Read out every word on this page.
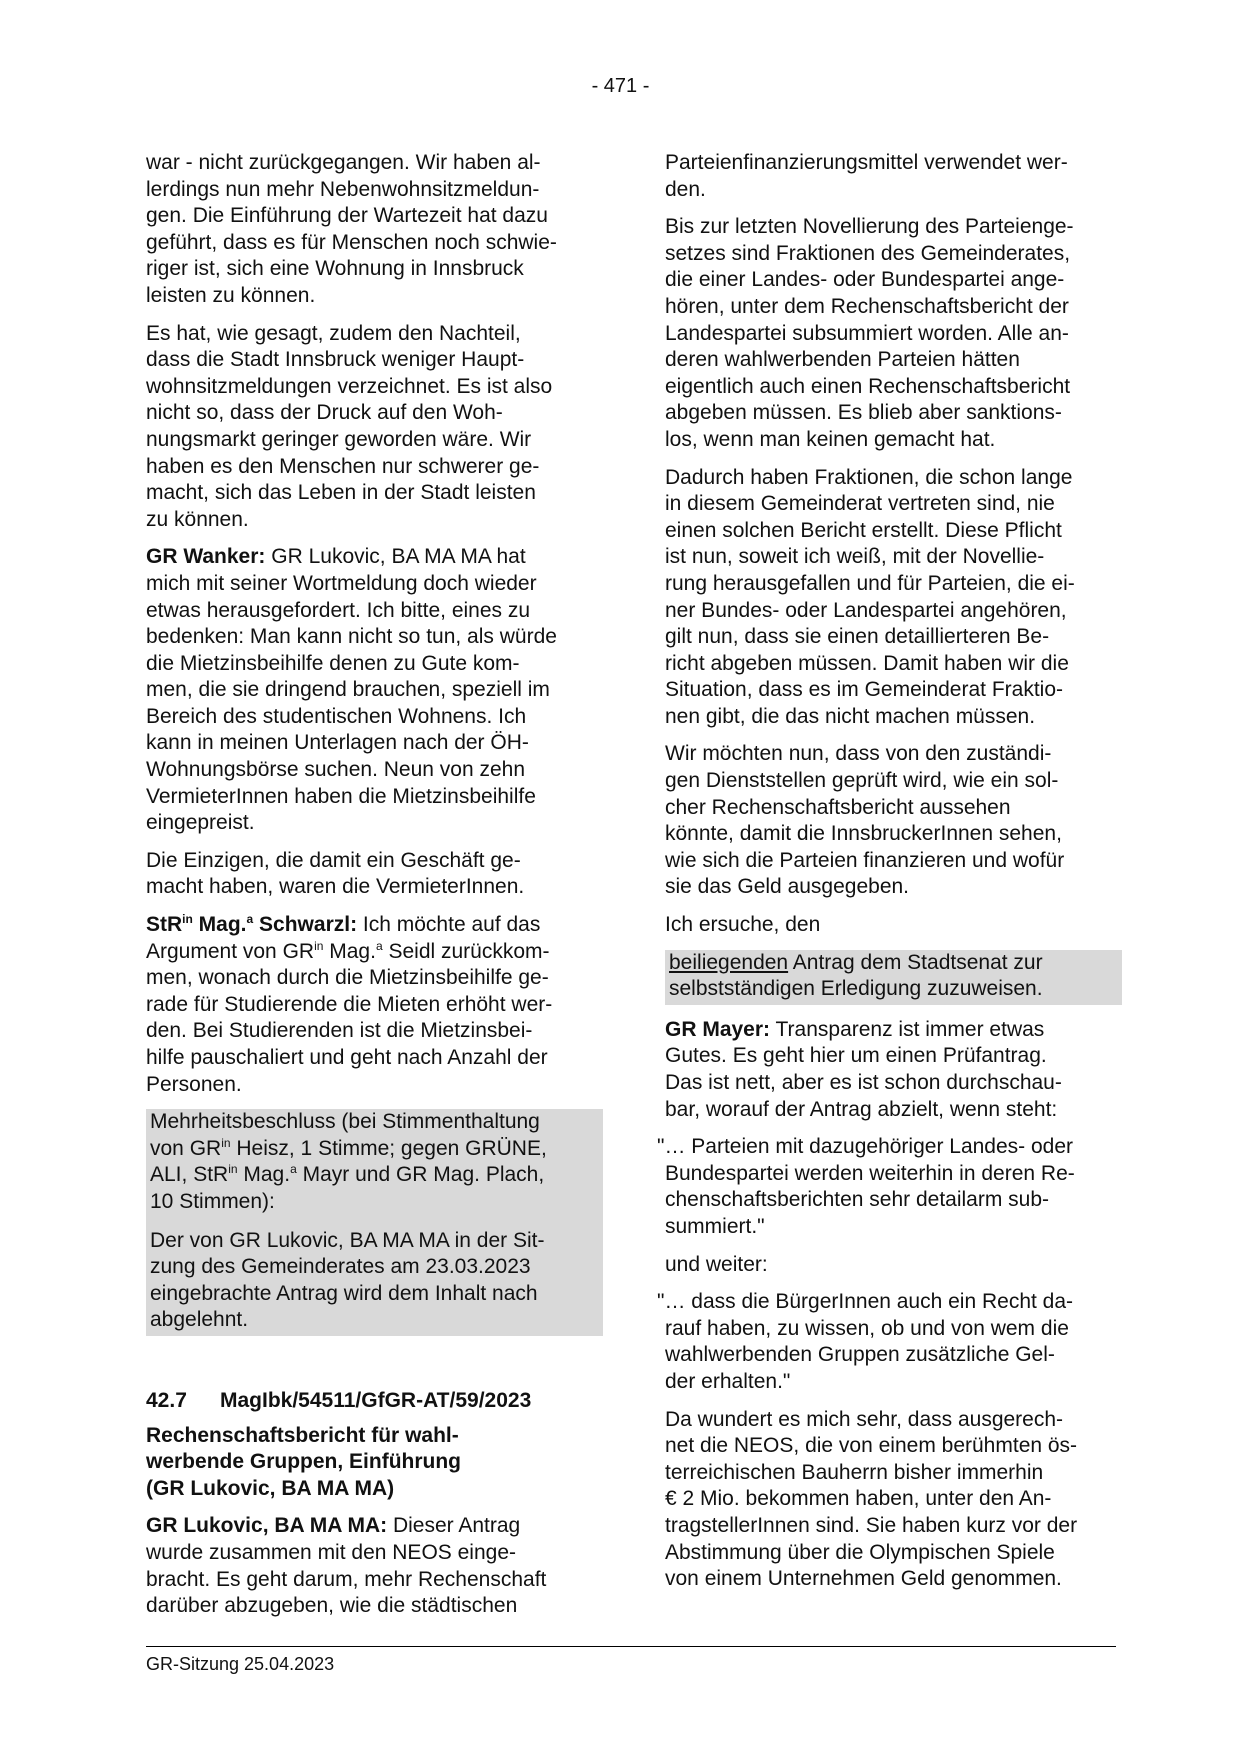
- 471 -

war - nicht zurückgegangen. Wir haben al-
lerdings nun mehr Nebenwohnsitzmeldun-
gen. Die Einführung der Wartezeit hat dazu
geführt, dass es für Menschen noch schwie-
riger ist, sich eine Wohnung in Innsbruck
leisten zu können.

Es hat, wie gesagt, zudem den Nachteil,
dass die Stadt Innsbruck weniger Haupt-
wohnsitzmeldungen verzeichnet. Es ist also
nicht so, dass der Druck auf den Woh-
nungsmarkt geringer geworden wäre. Wir
haben es den Menschen nur schwerer ge-
macht, sich das Leben in der Stadt leisten
zu können.

GR Wanker: GR Lukovic, BA MA MA hat
mich mit seiner Wortmeldung doch wieder
etwas herausgefordert. Ich bitte, eines zu
bedenken: Man kann nicht so tun, als würde
die Mietzinsbeihilfe denen zu Gute kom-
men, die sie dringend brauchen, speziell im
Bereich des studentischen Wohnens. Ich
kann in meinen Unterlagen nach der ÖH-
Wohnungsbörse suchen. Neun von zehn
VermieterInnen haben die Mietzinsbeihilfe
eingepreist.

Die Einzigen, die damit ein Geschäft ge-
macht haben, waren die VermieterInnen.

StR$^{in}$ Mag.$^a$ Schwarzl: Ich möchte auf das
Argument von $GR^{in}$ Mag.$^a$ Seidl zurückkom-
men, wonach durch die Mietzinsbeihilfe ge-
rade für Studierende die Mieten erhöht wer-
den. Bei Studierenden ist die Mietzinsbei-
hilfe pauschaliert und geht nach Anzahl der
Personen.

Mehrheitsbeschluss (bei Stimmenthaltung
von $GR^{in}$ Heisz, 1 Stimme; gegen GRÜNE,
ALI, StR$^{in}$ Mag.$^a$ Mayr und GR Mag. Plach,
10 Stimmen):

Der von GR Lukovic, BA MA MA in der Sit-
zung des Gemeinderates am 23.03.2023
eingebrachte Antrag wird dem Inhalt nach
abgelehnt.

42.7	MagIbk/54511/GfGR-AT/59/2023

Rechenschaftsbericht für wahl-
werbende Gruppen, Einführung
(GR Lukovic, BA MA MA)

GR Lukovic, BA MA MA: Dieser Antrag
wurde zusammen mit den NEOS einge-
bracht. Es geht darum, mehr Rechenschaft
darüber abzugeben, wie die städtischen

Parteienfinanzierungsmittel verwendet wer-
den.

Bis zur letzten Novellierung des Parteienge-
setzes sind Fraktionen des Gemeinderates,
die einer Landes- oder Bundespartei ange-
hören, unter dem Rechenschaftsbericht der
Landespartei subsummiert worden. Alle an-
deren wahlwerbenden Parteien hätten
eigentlich auch einen Rechenschaftsbericht
abgeben müssen. Es blieb aber sanktions-
los, wenn man keinen gemacht hat.

Dadurch haben Fraktionen, die schon lange
in diesem Gemeinderat vertreten sind, nie
einen solchen Bericht erstellt. Diese Pflicht
ist nun, soweit ich weiß, mit der Novellie-
rung herausgefallen und für Parteien, die ei-
ner Bundes- oder Landespartei angehören,
gilt nun, dass sie einen detaillierteren Be-
richt abgeben müssen. Damit haben wir die
Situation, dass es im Gemeinderat Fraktio-
nen gibt, die das nicht machen müssen.

Wir möchten nun, dass von den zuständi-
gen Dienststellen geprüft wird, wie ein sol-
cher Rechenschaftsbericht aussehen
könnte, damit die InnsbruckerInnen sehen,
wie sich die Parteien finanzieren und wofür
sie das Geld ausgegeben.

Ich ersuche, den

beiliegenden Antrag dem Stadtsenat zur
selbstständigen Erledigung zuzuweisen.

GR Mayer: Transparenz ist immer etwas
Gutes. Es geht hier um einen Prüfantrag.
Das ist nett, aber es ist schon durchschau-
bar, worauf der Antrag abzielt, wenn steht:

"… Parteien mit dazugehöriger Landes- oder
Bundespartei werden weiterhin in deren Re-
chenschaftsberichten sehr detailarm sub-
summiert."

und weiter:

"… dass die BürgerInnen auch ein Recht da-
rauf haben, zu wissen, ob und von wem die
wahlwerbenden Gruppen zusätzliche Gel-
der erhalten."

Da wundert es mich sehr, dass ausgerech-
net die NEOS, die von einem berühmten ös-
terreichischen Bauherrn bisher immerhin
€ 2 Mio. bekommen haben, unter den An-
tragstellerInnen sind. Sie haben kurz vor der
Abstimmung über die Olympischen Spiele
von einem Unternehmen Geld genommen.

GR-Sitzung 25.04.2023
